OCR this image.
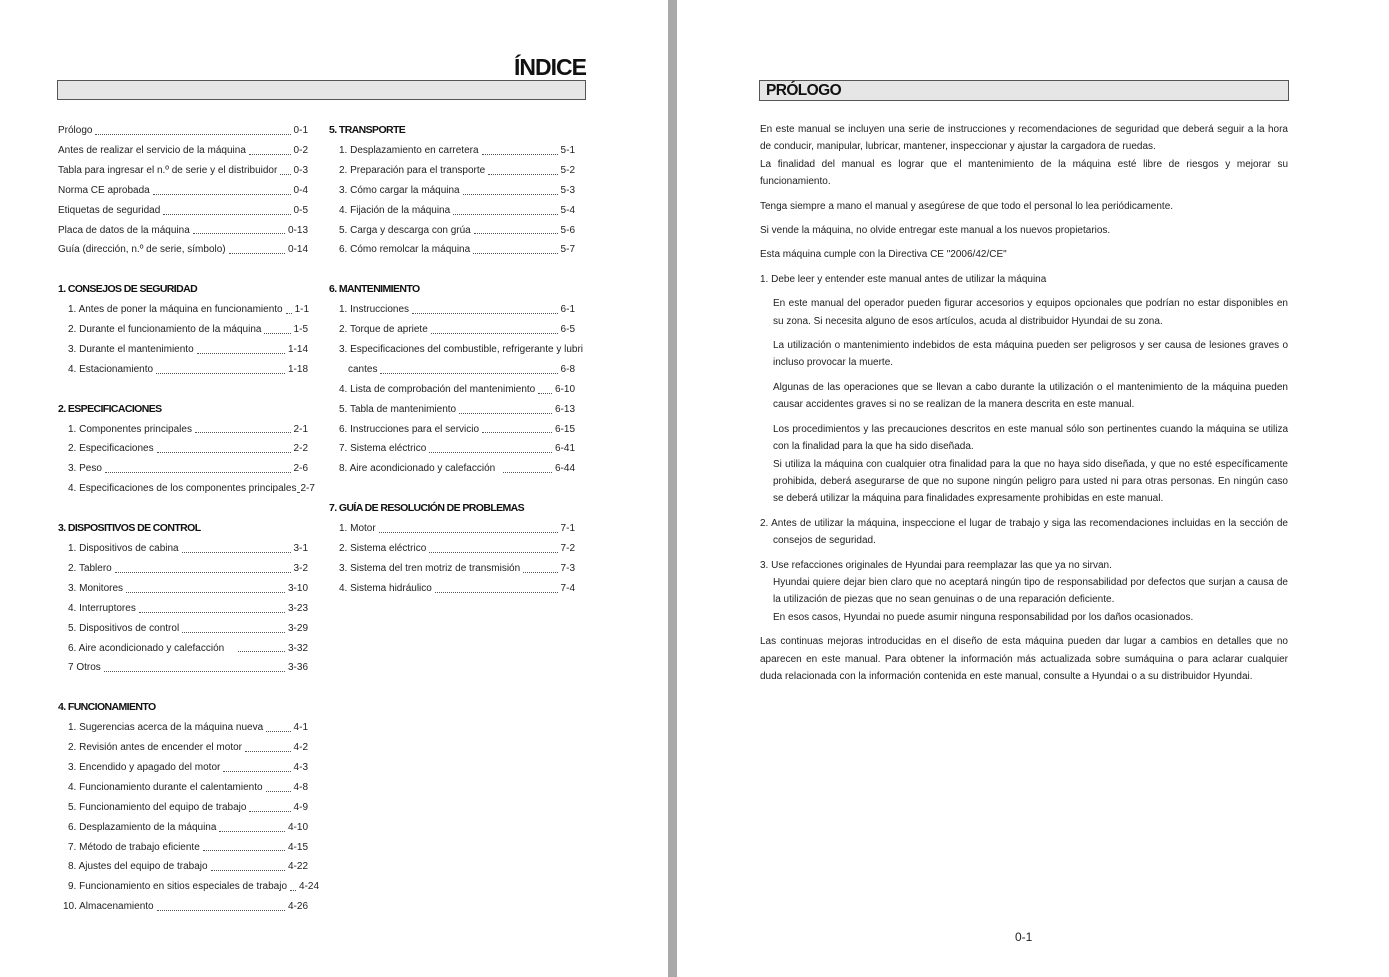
ÍNDICE
Prólogo	0-1
Antes de realizar el servicio de la máquina	0-2
Tabla para ingresar el n.º de serie y el distribuidor 0-3
Norma CE aprobada	0-4
Etiquetas de seguridad	0-5
Placa de datos de la máquina	0-13
Guía (dirección, n.º de serie, símbolo)	0-14
1. CONSEJOS DE SEGURIDAD
1. Antes de poner la máquina en funcionamiento 1-1
2. Durante el funcionamiento de la máquina	1-5
3. Durante el mantenimiento	1-14
4. Estacionamiento	1-18
2. ESPECIFICACIONES
1. Componentes principales	2-1
2. Especificaciones	2-2
3. Peso	2-6
4. Especificaciones de los componentes principales 2-7
3. DISPOSITIVOS DE CONTROL
1. Dispositivos de cabina	3-1
2. Tablero	3-2
3. Monitores	3-10
4. Interruptores	3-23
5. Dispositivos de control	3-29
6. Aire acondicionado y calefacción	3-32
7 Otros	3-36
4. FUNCIONAMIENTO
1. Sugerencias acerca de la máquina nueva	4-1
2. Revisión antes de encender el motor	4-2
3. Encendido y apagado del motor	4-3
4. Funcionamiento durante el calentamiento	4-8
5. Funcionamiento del equipo de trabajo	4-9
6. Desplazamiento de la máquina	4-10
7. Método de trabajo eficiente	4-15
8. Ajustes del equipo de trabajo	4-22
9. Funcionamiento en sitios especiales de trabajo 4-24
10. Almacenamiento	4-26
5. TRANSPORTE
1. Desplazamiento en carretera	5-1
2. Preparación para el transporte	5-2
3. Cómo cargar la máquina	5-3
4. Fijación de la máquina	5-4
5. Carga y descarga con grúa	5-6
6. Cómo remolcar la máquina	5-7
6. MANTENIMIENTO
1. Instrucciones	6-1
2. Torque de apriete	6-5
3. Especificaciones del combustible, refrigerante y lubri
cantes	6-8
4. Lista de comprobación del mantenimiento 6-10
5. Tabla de mantenimiento	6-13
6. Instrucciones para el servicio	6-15
7. Sistema eléctrico	6-41
8. Aire acondicionado y calefacción	6-44
7. GUÍA DE RESOLUCIÓN DE PROBLEMAS
1. Motor	7-1
2. Sistema eléctrico	7-2
3. Sistema del tren motriz de transmisión	7-3
4. Sistema hidráulico	7-4
PRÓLOGO

En este manual se incluyen una serie de instrucciones y recomendaciones de seguridad que deberá seguir a la hora de conducir, manipular, lubricar, mantener, inspeccionar y ajustar la cargadora de ruedas.

La finalidad del manual es lograr que el mantenimiento de la máquina esté libre de riesgos y mejorar su funcionamiento.

Tenga siempre a mano el manual y asegúrese de que todo el personal lo lea periódicamente.

Si vende la máquina, no olvide entregar este manual a los nuevos propietarios.

Esta máquina cumple con la Directiva CE "2006/42/CE"

1. Debe leer y entender este manual antes de utilizar la máquina

En este manual del operador pueden figurar accesorios y equipos opcionales que podrían no estar disponibles en su zona. Si necesita alguno de esos artículos, acuda al distribuidor Hyundai de su zona.

La utilización o mantenimiento indebidos de esta máquina pueden ser peligrosos y ser causa de lesiones graves o incluso provocar la muerte.

Algunas de las operaciones que se llevan a cabo durante la utilización o el mantenimiento de la máquina pueden causar accidentes graves si no se realizan de la manera descrita en este manual.

Los procedimientos y las precauciones descritos en este manual sólo son pertinentes cuando la máquina se utiliza con la finalidad para la que ha sido diseñada.

Si utiliza la máquina con cualquier otra finalidad para la que no haya sido diseñada, y que no esté específicamente prohibida, deberá asegurarse de que no supone ningún peligro para usted ni para otras personas. En ningún caso se deberá utilizar la máquina para finalidades expresamente prohibidas en este manual.

2. Antes de utilizar la máquina, inspeccione el lugar de trabajo y siga las recomendaciones incluidas en la sección de consejos de seguridad.

3. Use refacciones originales de Hyundai para reemplazar las que ya no sirvan.

Hyundai quiere dejar bien claro que no aceptará ningún tipo de responsabilidad por defectos que surjan a causa de la utilización de piezas que no sean genuinas o de una reparación deficiente.

En esos casos, Hyundai no puede asumir ninguna responsabilidad por los daños ocasionados.

Las continuas mejoras introducidas en el diseño de esta máquina pueden dar lugar a cambios en detalles que no aparecen en este manual. Para obtener la información más actualizada sobre sumáquina o para aclarar cualquier duda relacionada con la información contenida en este manual, consulte a Hyundai o a su distribuidor Hyundai.

0-1
